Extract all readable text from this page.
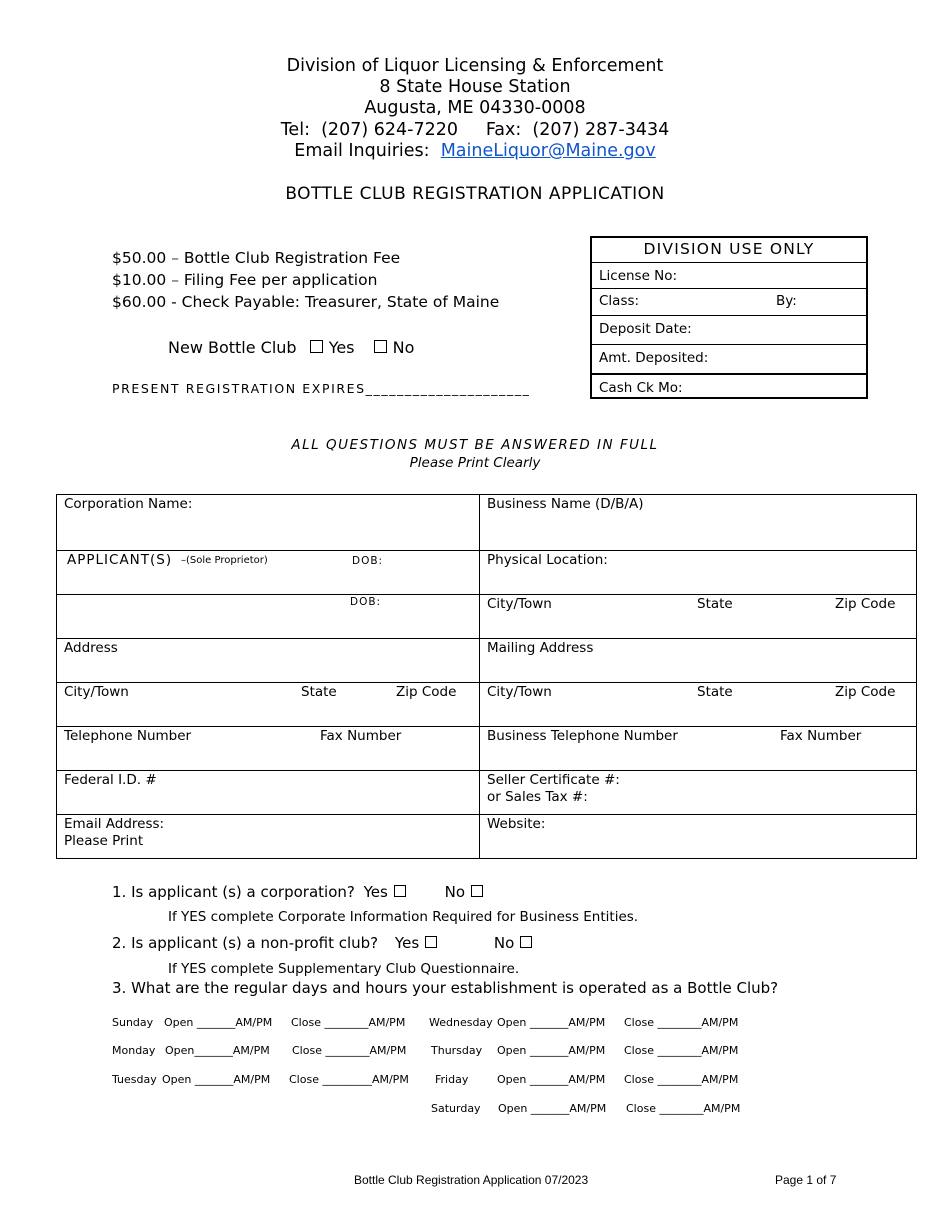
Division of Liquor Licensing & Enforcement
8 State House Station
Augusta, ME 04330-0008
Tel: (207) 624-7220 Fax: (207) 287-3434
Email Inquiries: MaineLiquor@Maine.gov
BOTTLE CLUB REGISTRATION APPLICATION
$50.00 – Bottle Club Registration Fee
$10.00 – Filing Fee per application
$60.00 - Check Payable: Treasurer, State of Maine
New Bottle Club Yes No
PRESENT REGISTRATION EXPIRES_____________________
DIVISION USE ONLY
License No:
Class:	By:
Deposit Date:
Amt. Deposited:
Cash Ck Mo:
ALL QUESTIONS MUST BE ANSWERED IN FULL
Please Print Clearly
Corporation Name:	Business Name (D/B/A)

APPLICANT(S) –(Sole Proprietor) DOB:	Physical Location:

DOB:	City/Town State Zip Code

Address	Mailing Address

City/Town State Zip Code	City/Town State Zip Code

Telephone Number Fax Number	Business Telephone Number Fax Number

Federal I.D. #	Seller Certificate #:
or Sales Tax #:

Email Address:
Please Print	Website:
1. Is applicant (s) a corporation? Yes	No
If YES complete Corporate Information Required for Business Entities.
2. Is applicant (s) a non-profit club? Yes	No
If YES complete Supplementary Club Questionnaire.
3. What are the regular days and hours your establishment is operated as a Bottle Club?
Sunday Open _______AM/PM Close ________AM/PM Wednesday Open _______AM/PM Close ________AM/PM
Monday Open_______AM/PM Close ________AM/PM Thursday Open _______AM/PM Close ________AM/PM
Tuesday Open _______AM/PM Close _________AM/PM Friday	Open _______AM/PM Close ________AM/PM
Saturday Open _______AM/PM Close ________AM/PM
Bottle Club Registration Application 07/2023	Page 1 of 7
